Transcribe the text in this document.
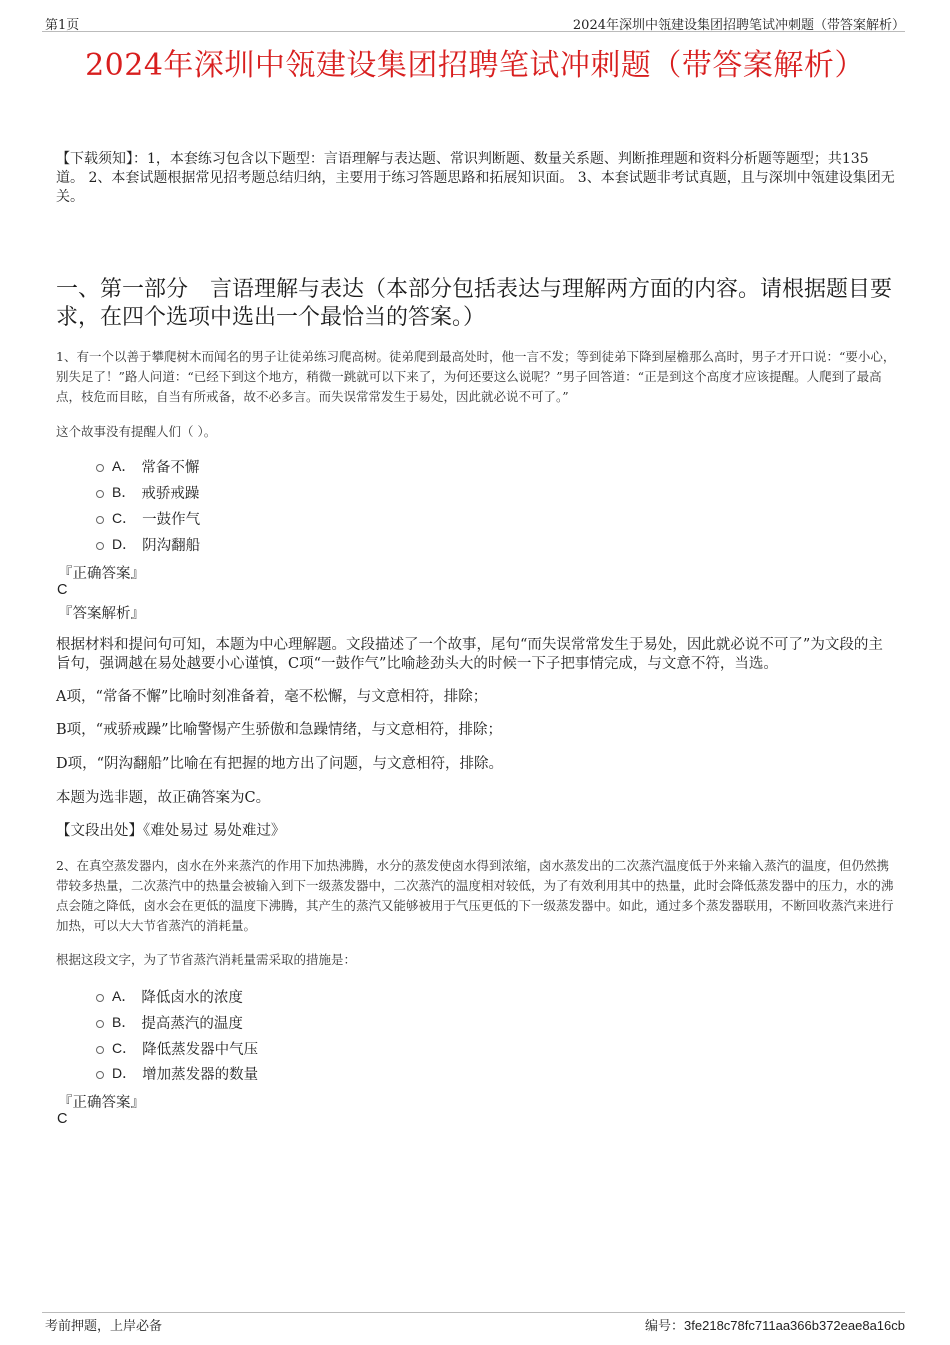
第1页	2024年深圳中瓴建设集团招聘笔试冲刺题（带答案解析）
2024年深圳中瓴建设集团招聘笔试冲刺题（带答案解析）
【下载须知】：1，本套练习包含以下题型：言语理解与表达题、常识判断题、数量关系题、判断推理题和资料分析题等题型；共135道。 2、本套试题根据常见招考题总结归纳，主要用于练习答题思路和拓展知识面。 3、本套试题非考试真题，且与深圳中瓴建设集团无关。
一、第一部分　言语理解与表达（本部分包括表达与理解两方面的内容。请根据题目要求，在四个选项中选出一个最恰当的答案。）
1、有一个以善于攀爬树木而闻名的男子让徒弟练习爬高树。徒弟爬到最高处时，他一言不发；等到徒弟下降到屋檐那么高时，男子才开口说：“要小心，别失足了！”路人问道：“已经下到这个地方，稍微一跳就可以下来了，为何还要这么说呢？”男子回答道：“正是到这个高度才应该提醒。人爬到了最高点，枝危而目眩，自当有所戒备，故不必多言。而失误常常发生于易处，因此就必说不可了。”
这个故事没有提醒人们（ ）。
A． 常备不懈
B． 戒骄戒躁
C． 一鼓作气
D． 阴沟翻船
『正确答案』
C
『答案解析』
根据材料和提问句可知，本题为中心理解题。文段描述了一个故事，尾句“而失误常常发生于易处，因此就必说不可了”为文段的主旨句，强调越在易处越要小心谨慎，C项“一鼓作气”比喻趁劲头大的时候一下子把事情完成，与文意不符，当选。
A项，“常备不懈”比喻时刻准备着，毫不松懈，与文意相符，排除；
B项，“戒骄戒躁”比喻警惕产生骄傲和急躁情绪，与文意相符，排除；
D项，“阴沟翻船”比喻在有把握的地方出了问题，与文意相符，排除。
本题为选非题，故正确答案为C。
【文段出处】《难处易过 易处难过》
2、在真空蒸发器内，卤水在外来蒸汽的作用下加热沸腾，水分的蒸发使卤水得到浓缩，卤水蒸发出的二次蒸汽温度低于外来输入蒸汽的温度，但仍然携带较多热量，二次蒸汽中的热量会被输入到下一级蒸发器中，二次蒸汽的温度相对较低，为了有效利用其中的热量，此时会降低蒸发器中的压力，水的沸点会随之降低，卤水会在更低的温度下沸腾，其产生的蒸汽又能够被用于气压更低的下一级蒸发器中。如此，通过多个蒸发器联用，不断回收蒸汽来进行加热，可以大大节省蒸汽的消耗量。
根据这段文字，为了节省蒸汽消耗量需采取的措施是：
A． 降低卤水的浓度
B． 提高蒸汽的温度
C． 降低蒸发器中气压
D． 增加蒸发器的数量
『正确答案』
C
考前押题，上岸必备	编号：3fe218c78fc711aa366b372eae8a16cb
